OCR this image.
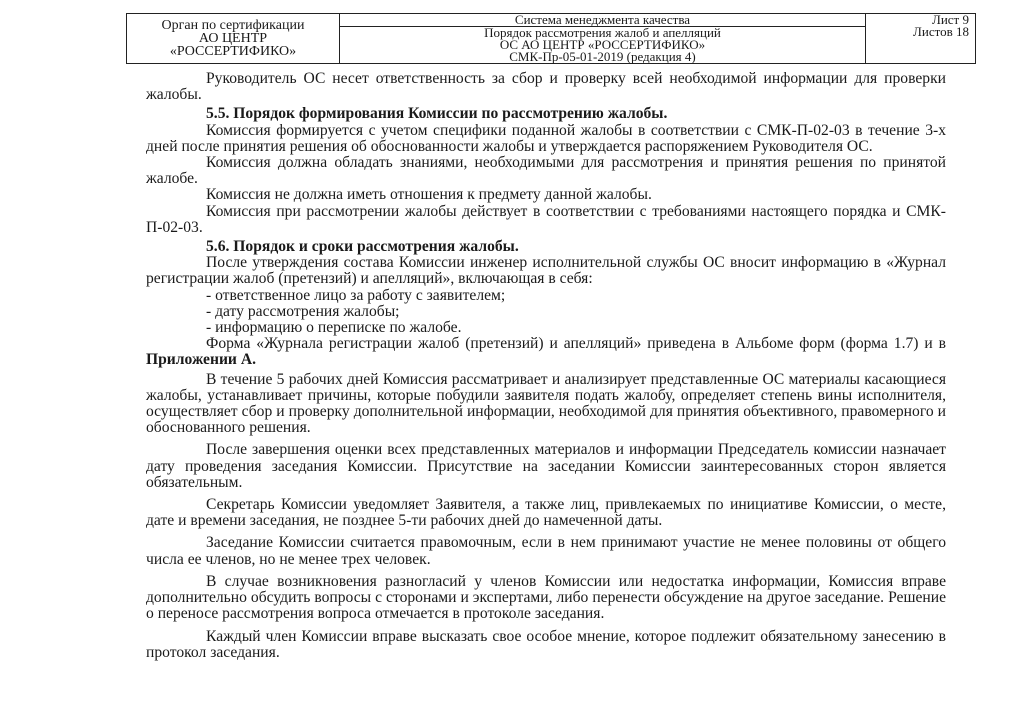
Орган по сертификации
АО ЦЕНТР
«РОССЕРТИФИКО»

Система менеджмента качества	Лист 9
Листов 18

Порядок рассмотрения жалоб и апелляций
ОС АО ЦЕНТР «РОССЕРТИФИКО»
СМК-Пр-05-01-2019 (редакция 4)

Руководитель ОС несет ответственность за сбор и проверку всей необходимой информации для проверки жалобы.

5.5. Порядок формирования Комиссии по рассмотрению жалобы.

Комиссия формируется с учетом специфики поданной жалобы в соответствии с СМК-П-02-03 в течение 3-х дней после принятия решения об обоснованности жалобы и утверждается распоряжением Руководителя ОС.

Комиссия должна обладать знаниями, необходимыми для рассмотрения и принятия решения по принятой жалобе.

Комиссия не должна иметь отношения к предмету данной жалобы.

Комиссия при рассмотрении жалобы действует в соответствии с требованиями настоящего порядка и СМК-П-02-03.

5.6. Порядок и сроки рассмотрения жалобы.

После утверждения состава Комиссии инженер исполнительной службы ОС вносит информацию в «Журнал регистрации жалоб (претензий) и апелляций», включающая в себя:

- ответственное лицо за работу с заявителем;

- дату рассмотрения жалобы;

- информацию о переписке по жалобе.

Форма «Журнала регистрации жалоб (претензий) и апелляций» приведена в Альбоме форм (форма 1.7) и в Приложении А.

В течение 5 рабочих дней Комиссия рассматривает и анализирует представленные ОС материалы касающиеся жалобы, устанавливает причины, которые побудили заявителя подать жалобу, определяет степень вины исполнителя, осуществляет сбор и проверку дополнительной информации, необходимой для принятия объективного, правомерного и обоснованного решения.

После завершения оценки всех представленных материалов и информации Председатель комиссии назначает дату проведения заседания Комиссии. Присутствие на заседании Комиссии заинтересованных сторон является обязательным.

Секретарь Комиссии уведомляет Заявителя, а также лиц, привлекаемых по инициативе Комиссии, о месте, дате и времени заседания, не позднее 5-ти рабочих дней до намеченной даты.

Заседание Комиссии считается правомочным, если в нем принимают участие не менее половины от общего числа ее членов, но не менее трех человек.

В случае возникновения разногласий у членов Комиссии или недостатка информации, Комиссия вправе дополнительно обсудить вопросы с сторонами и экспертами, либо перенести обсуждение на другое заседание. Решение о переносе рассмотрения вопроса отмечается в протоколе заседания.

Каждый член Комиссии вправе высказать свое особое мнение, которое подлежит обязательному занесению в протокол заседания.
